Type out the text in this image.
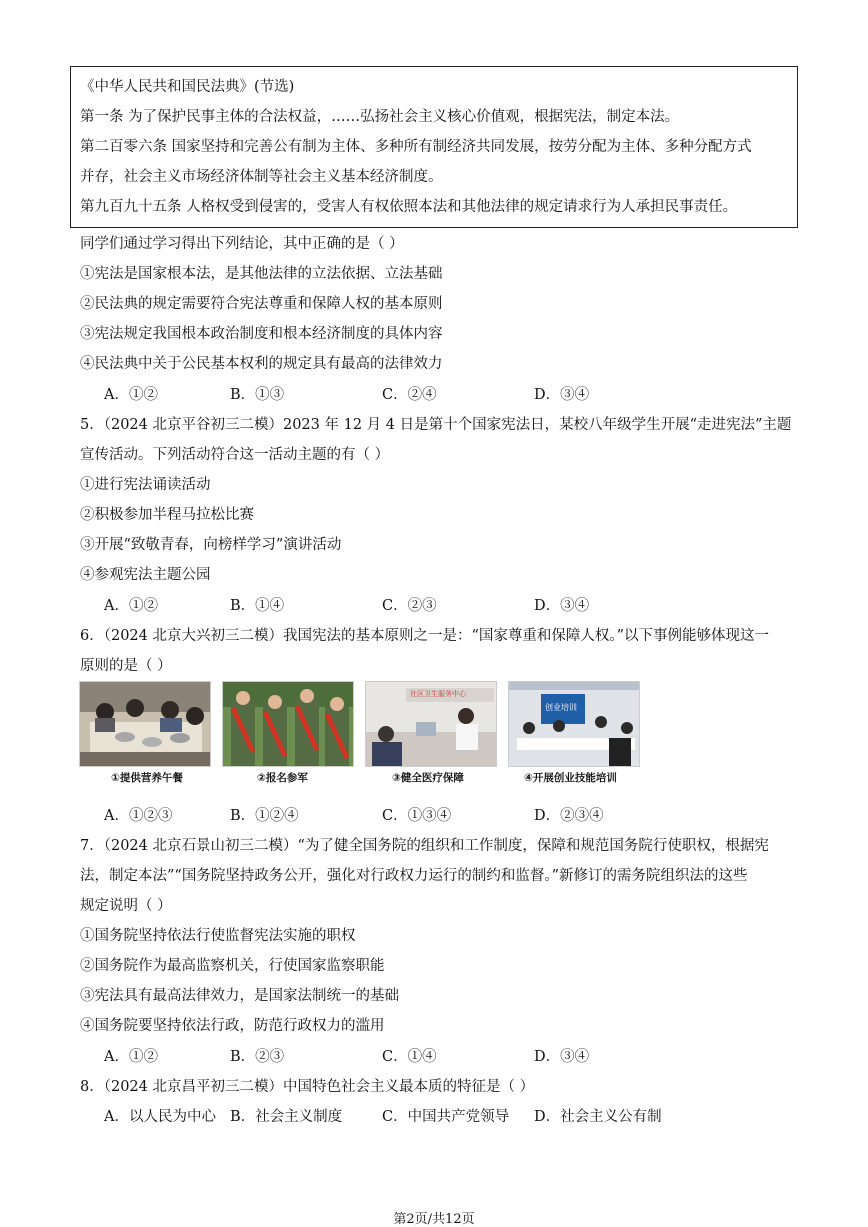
《中华人民共和国民法典》(节选)
第一条 为了保护民事主体的合法权益，……弘扬社会主义核心价值观，根据宪法，制定本法。
第二百零六条 国家坚持和完善公有制为主体、多种所有制经济共同发展，按劳分配为主体、多种分配方式
并存，社会主义市场经济体制等社会主义基本经济制度。
第九百九十五条 人格权受到侵害的，受害人有权依照本法和其他法律的规定请求行为人承担民事责任。
同学们通过学习得出下列结论，其中正确的是（ ）
①宪法是国家根本法，是其他法律的立法依据、立法基础
②民法典的规定需要符合宪法尊重和保障人权的基本原则
③宪法规定我国根本政治制度和根本经济制度的具体内容
④民法典中关于公民基本权利的规定具有最高的法律效力
A．①②	B．①③	C．②④	D．③④
5．（2024 北京平谷初三二模）2023 年 12 月 4 日是第十个国家宪法日，某校八年级学生开展“走进宪法”主题
宣传活动。下列活动符合这一活动主题的有（ ）
①进行宪法诵读活动
②积极参加半程马拉松比赛
③开展“致敬青春，向榜样学习”演讲活动
④参观宪法主题公园
A．①②	B．①④	C．②③	D．③④
6．（2024 北京大兴初三二模）我国宪法的基本原则之一是：“国家尊重和保障人权。”以下事例能够体现这一
原则的是（ ）
社区卫生服务中心
创业培训
①提供营养午餐	②报名参军	③健全医疗保障	④开展创业技能培训
A．①②③	B．①②④	C．①③④	D．②③④
7．（2024 北京石景山初三二模）“为了健全国务院的组织和工作制度，保障和规范国务院行使职权，根据宪
法，制定本法”“国务院坚持政务公开，强化对行政权力运行的制约和监督。”新修订的需务院组织法的这些
规定说明（ ）
①国务院坚持依法行使监督宪法实施的职权
②国务院作为最高监察机关，行使国家监察职能
③宪法具有最高法律效力，是国家法制统一的基础
④国务院要坚持依法行政，防范行政权力的滥用
A．①②	B．②③	C．①④	D．③④
8．（2024 北京昌平初三二模）中国特色社会主义最本质的特征是（ ）
A．以人民为中心 B．社会主义制度	C．中国共产党领导 D．社会主义公有制
第2页/共12页
